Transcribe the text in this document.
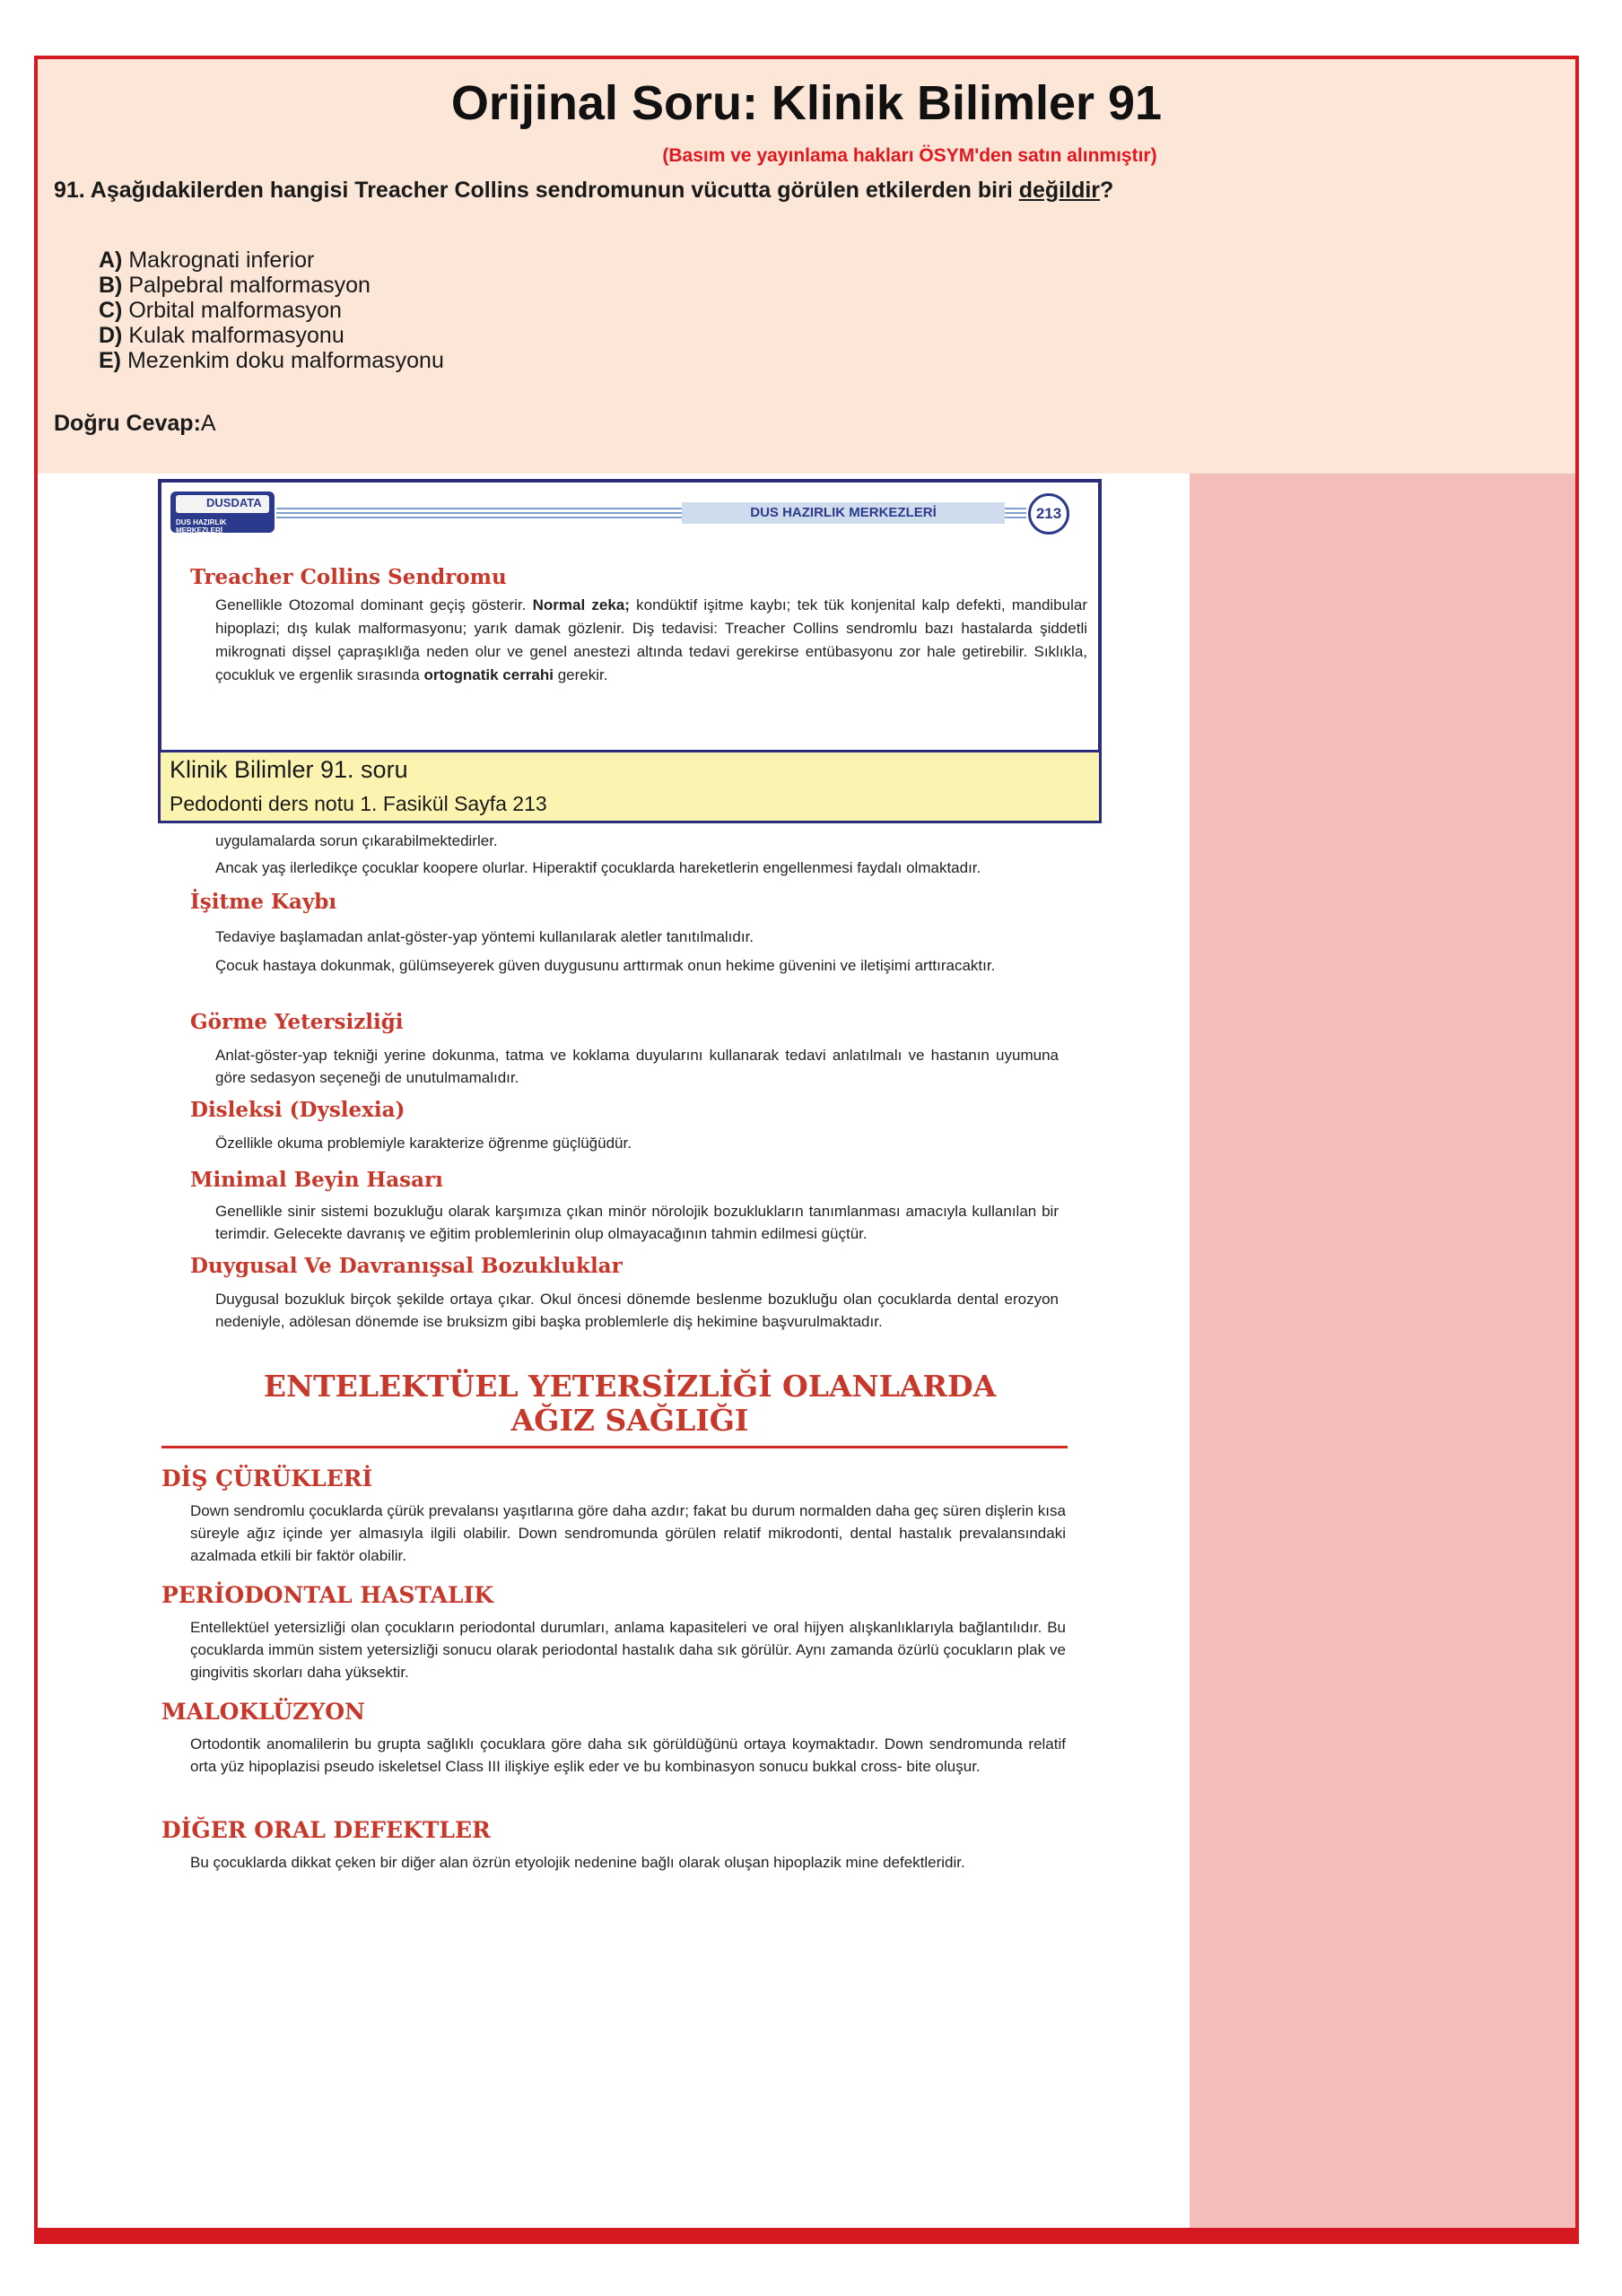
Orijinal Soru: Klinik Bilimler 91
(Basım ve yayınlama hakları ÖSYM'den satın alınmıştır)
91. Aşağıdakilerden hangisi Treacher Collins sendromunun vücutta görülen etkilerden biri değildir?
A) Makrognati inferior
B) Palpebral malformasyon
C) Orbital malformasyon
D) Kulak malformasyonu
E) Mezenkim doku malformasyonu
Doğru Cevap:A
DUSDATA
DUS HAZIRLIK MERKEZLERİ
DUS HAZIRLIK MERKEZLERİ	213
Treacher Collins Sendromu
Genellikle Otozomal dominant geçiş gösterir. Normal zeka; kondüktif işitme kaybı; tek tük konjenital kalp defekti, mandibular hipoplazi; dış kulak malformasyonu; yarık damak gözlenir. Diş tedavisi: Treacher Collins sendromlu bazı hastalarda şiddetli mikrognati dişsel çapraşıklığa neden olur ve genel anestezi altında tedavi gerekirse entübasyonu zor hale getirebilir. Sıklıkla, çocukluk ve ergenlik sırasında ortognatik cerrahi gerekir.
Klinik Bilimler 91. soru
Pedodonti ders notu 1. Fasikül Sayfa 213
uygulamalarda sorun çıkarabilmektedirler.
Ancak yaş ilerledikçe çocuklar koopere olurlar. Hiperaktif çocuklarda hareketlerin engellenmesi faydalı olmaktadır.
İşitme Kaybı
Tedaviye başlamadan anlat-göster-yap yöntemi kullanılarak aletler tanıtılmalıdır.
Çocuk hastaya dokunmak, gülümseyerek güven duygusunu arttırmak onun hekime güvenini ve iletişimi arttıracaktır.
Görme Yetersizliği
Anlat-göster-yap tekniği yerine dokunma, tatma ve koklama duyularını kullanarak tedavi anlatılmalı ve hastanın uyumuna göre sedasyon seçeneği de unutulmamalıdır.
Disleksi (Dyslexia)
Özellikle okuma problemiyle karakterize öğrenme güçlüğüdür.
Minimal Beyin Hasarı
Genellikle sinir sistemi bozukluğu olarak karşımıza çıkan minör nörolojik bozuklukların tanımlanması amacıyla kullanılan bir terimdir. Gelecekte davranış ve eğitim problemlerinin olup olmayacağının tahmin edilmesi güçtür.
Duygusal Ve Davranışsal Bozukluklar
Duygusal bozukluk birçok şekilde ortaya çıkar. Okul öncesi dönemde beslenme bozukluğu olan çocuklarda dental erozyon nedeniyle, adölesan dönemde ise bruksizm gibi başka problemlerle diş hekimine başvurulmaktadır.
ENTELEKTÜEL YETERSİZLİĞİ OLANLARDA
AĞIZ SAĞLIĞI
DİŞ ÇÜRÜKLERİ
Down sendromlu çocuklarda çürük prevalansı yaşıtlarına göre daha azdır; fakat bu durum normalden daha geç süren dişlerin kısa süreyle ağız içinde yer almasıyla ilgili olabilir. Down sendromunda görülen relatif mikrodonti, dental hastalık prevalansındaki azalmada etkili bir faktör olabilir.
PERİODONTAL HASTALIK
Entellektüel yetersizliği olan çocukların periodontal durumları, anlama kapasiteleri ve oral hijyen alışkanlıklarıyla bağlantılıdır. Bu çocuklarda immün sistem yetersizliği sonucu olarak periodontal hastalık daha sık görülür. Aynı zamanda özürlü çocukların plak ve gingivitis skorları daha yüksektir.
MALOKLÜZYON
Ortodontik anomalilerin bu grupta sağlıklı çocuklara göre daha sık görüldüğünü ortaya koymaktadır. Down sendromunda relatif orta yüz hipoplazisi pseudo iskeletsel Class III ilişkiye eşlik eder ve bu kombinasyon sonucu bukkal cross- bite oluşur.
DİĞER ORAL DEFEKTLER
Bu çocuklarda dikkat çeken bir diğer alan özrün etyolojik nedenine bağlı olarak oluşan hipoplazik mine defektleridir.
